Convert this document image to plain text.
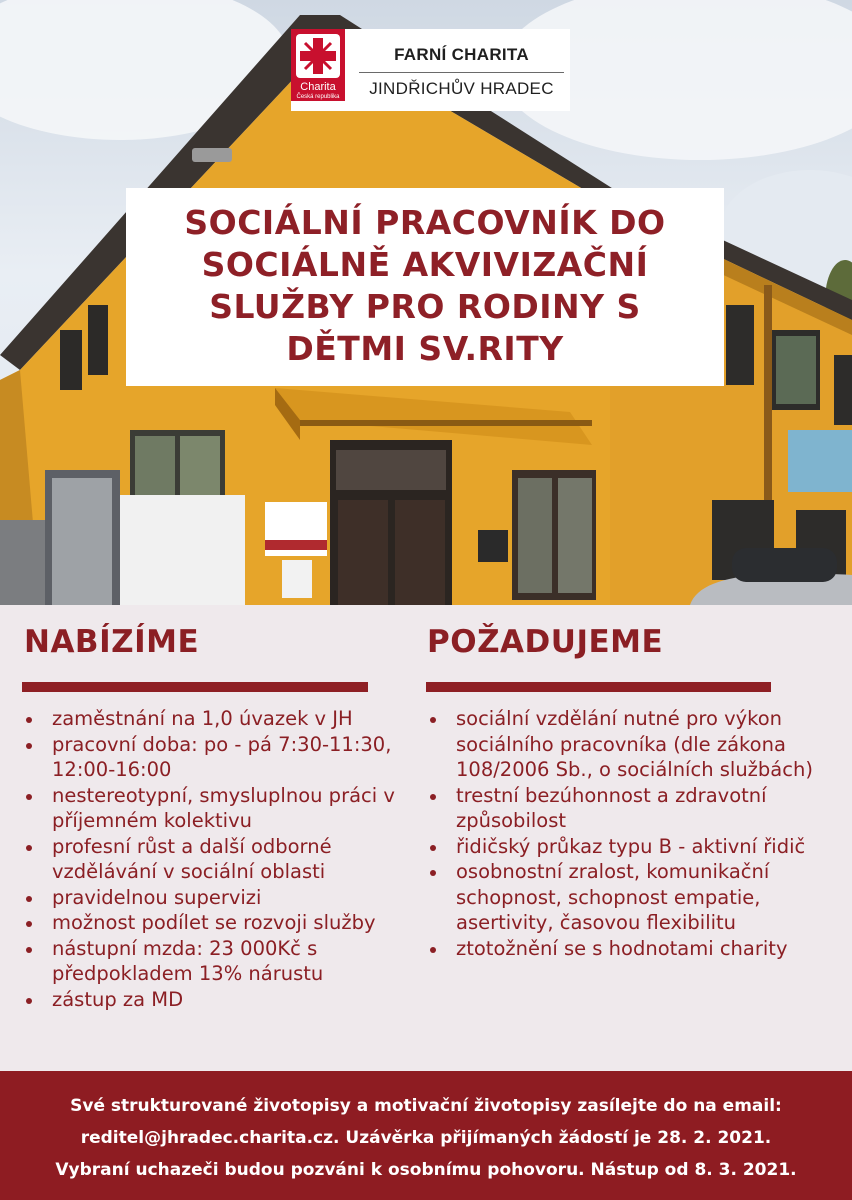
Charita
Česká republika
FARNÍ CHARITA
JINDŘICHŮV HRADEC
SOCIÁLNÍ PRACOVNÍK DO
SOCIÁLNĚ AKVIVIZAČNÍ
SLUŽBY PRO RODINY S
DĚTMI SV.RITY
NABÍZÍME
zaměstnání na 1,0 úvazek v JH
pracovní doba: po - pá 7:30-11:30, 12:00-16:00
nestereotypní, smysluplnou práci v příjemném kolektivu
profesní růst a další odborné vzdělávání v sociální oblasti
pravidelnou supervizi
možnost podílet se rozvoji služby
nástupní mzda: 23 000Kč s předpokladem 13% nárustu
zástup za MD
POŽADUJEME
sociální vzdělání nutné pro výkon sociálního pracovníka (dle zákona 108/2006 Sb., o sociálních službách)
trestní bezúhonnost a zdravotní způsobilost
řidičský průkaz typu B - aktivní řidič
osobnostní zralost, komunikační schopnost, schopnost empatie, asertivity, časovou flexibilitu
ztotožnění se s hodnotami charity
Své strukturované životopisy a motivační životopisy zasílejte do na email:
reditel@jhradec.charita.cz. Uzávěrka přijímaných žádostí je 28. 2. 2021.
Vybraní uchazeči budou pozváni k osobnímu pohovoru. Nástup od 8. 3. 2021.
